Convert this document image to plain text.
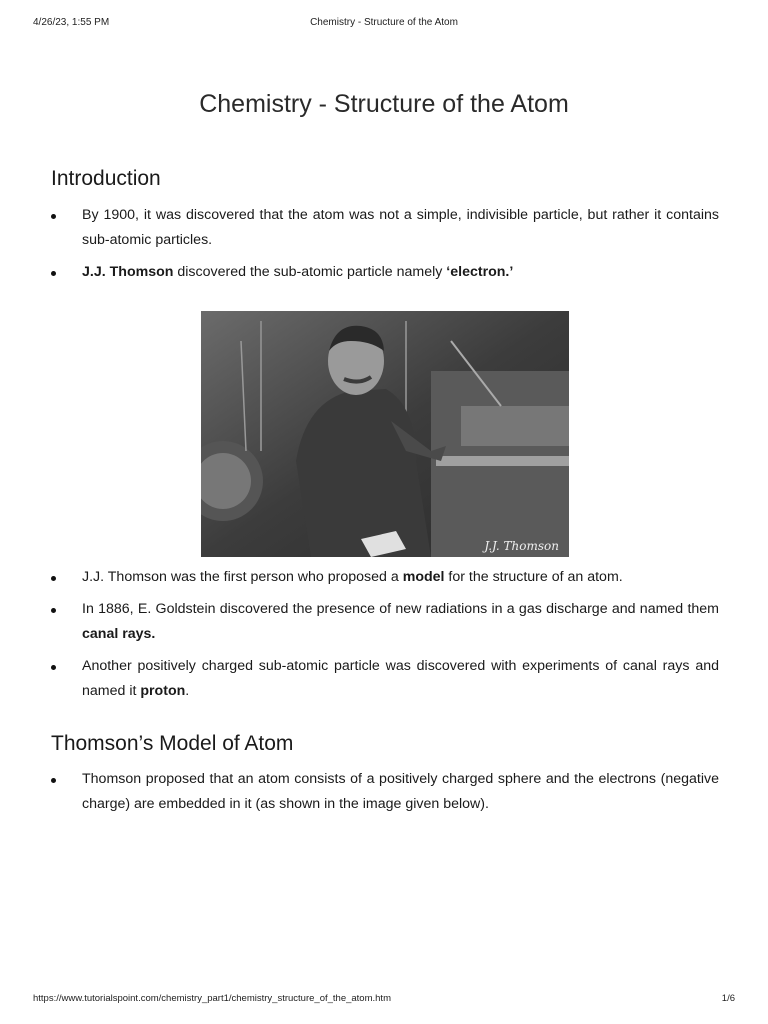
4/26/23, 1:55 PM	Chemistry - Structure of the Atom
Chemistry - Structure of the Atom
Introduction
By 1900, it was discovered that the atom was not a simple, indivisible particle, but rather it contains sub-atomic particles.
J.J. Thomson discovered the sub-atomic particle namely ‘electron.’
J.J. Thomson
J.J. Thomson was the first person who proposed a model for the structure of an atom.
In 1886, E. Goldstein discovered the presence of new radiations in a gas discharge and named them canal rays.
Another positively charged sub-atomic particle was discovered with experiments of canal rays and named it proton.
Thomson’s Model of Atom
Thomson proposed that an atom consists of a positively charged sphere and the electrons (negative charge) are embedded in it (as shown in the image given below).
https://www.tutorialspoint.com/chemistry_part1/chemistry_structure_of_the_atom.htm	1/6
